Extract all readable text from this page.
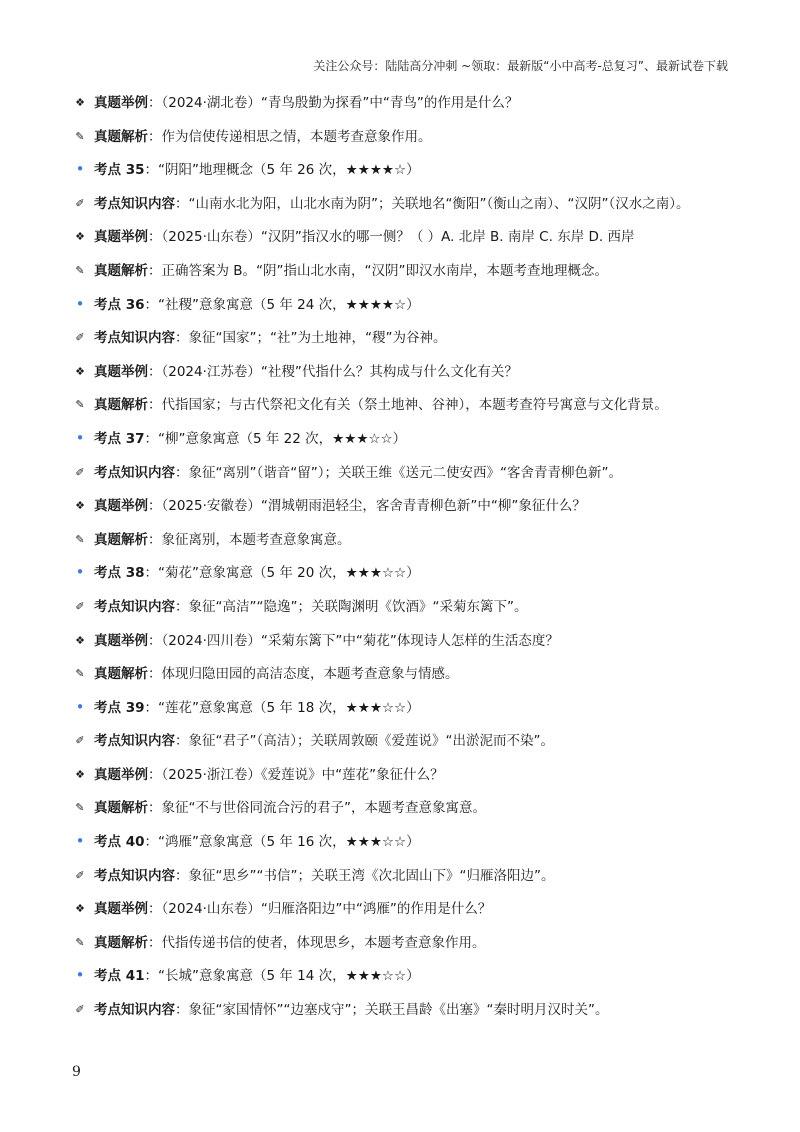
关注公众号：陆陆高分冲刺 ~领取：最新版“小中高考-总复习”、最新试卷下载
❖ 真题举例：（2024·湖北卷）“青鸟殷勤为探看”中“青鸟”的作用是什么？
✎ 真题解析：作为信使传递相思之情，本题考查意象作用。
• 考点 35：“阴阳”地理概念（5 年 26 次，★★★★☆）
✐ 考点知识内容：“山南水北为阳，山北水南为阴”；关联地名“衡阳”（衡山之南）、“汉阴”（汉水之南）。
❖ 真题举例：（2025·山东卷）“汉阴”指汉水的哪一侧？（ ）A. 北岸 B. 南岸 C. 东岸 D. 西岸
✎ 真题解析：正确答案为 B。“阴”指山北水南，“汉阴”即汉水南岸，本题考查地理概念。
• 考点 36：“社稷”意象寓意（5 年 24 次，★★★★☆）
✐ 考点知识内容：象征“国家”；“社”为土地神，“稷”为谷神。
❖ 真题举例：（2024·江苏卷）“社稷”代指什么？其构成与什么文化有关？
✎ 真题解析：代指国家；与古代祭祀文化有关（祭土地神、谷神），本题考查符号寓意与文化背景。
• 考点 37：“柳”意象寓意（5 年 22 次，★★★☆☆）
✐ 考点知识内容：象征“离别”（谐音“留”）；关联王维《送元二使安西》“客舍青青柳色新”。
❖ 真题举例：（2025·安徽卷）“渭城朝雨浥轻尘，客舍青青柳色新”中“柳”象征什么？
✎ 真题解析：象征离别，本题考查意象寓意。
• 考点 38：“菊花”意象寓意（5 年 20 次，★★★☆☆）
✐ 考点知识内容：象征“高洁”“隐逸”；关联陶渊明《饮酒》“采菊东篱下”。
❖ 真题举例：（2024·四川卷）“采菊东篱下”中“菊花”体现诗人怎样的生活态度？
✎ 真题解析：体现归隐田园的高洁态度，本题考查意象与情感。
• 考点 39：“莲花”意象寓意（5 年 18 次，★★★☆☆）
✐ 考点知识内容：象征“君子”（高洁）；关联周敦颐《爱莲说》“出淤泥而不染”。
❖ 真题举例：（2025·浙江卷）《爱莲说》中“莲花”象征什么？
✎ 真题解析：象征“不与世俗同流合污的君子”，本题考查意象寓意。
• 考点 40：“鸿雁”意象寓意（5 年 16 次，★★★☆☆）
✐ 考点知识内容：象征“思乡”“书信”；关联王湾《次北固山下》“归雁洛阳边”。
❖ 真题举例：（2024·山东卷）“归雁洛阳边”中“鸿雁”的作用是什么？
✎ 真题解析：代指传递书信的使者，体现思乡，本题考查意象作用。
• 考点 41：“长城”意象寓意（5 年 14 次，★★★☆☆）
✐ 考点知识内容：象征“家国情怀”“边塞戍守”；关联王昌龄《出塞》“秦时明月汉时关”。
9
